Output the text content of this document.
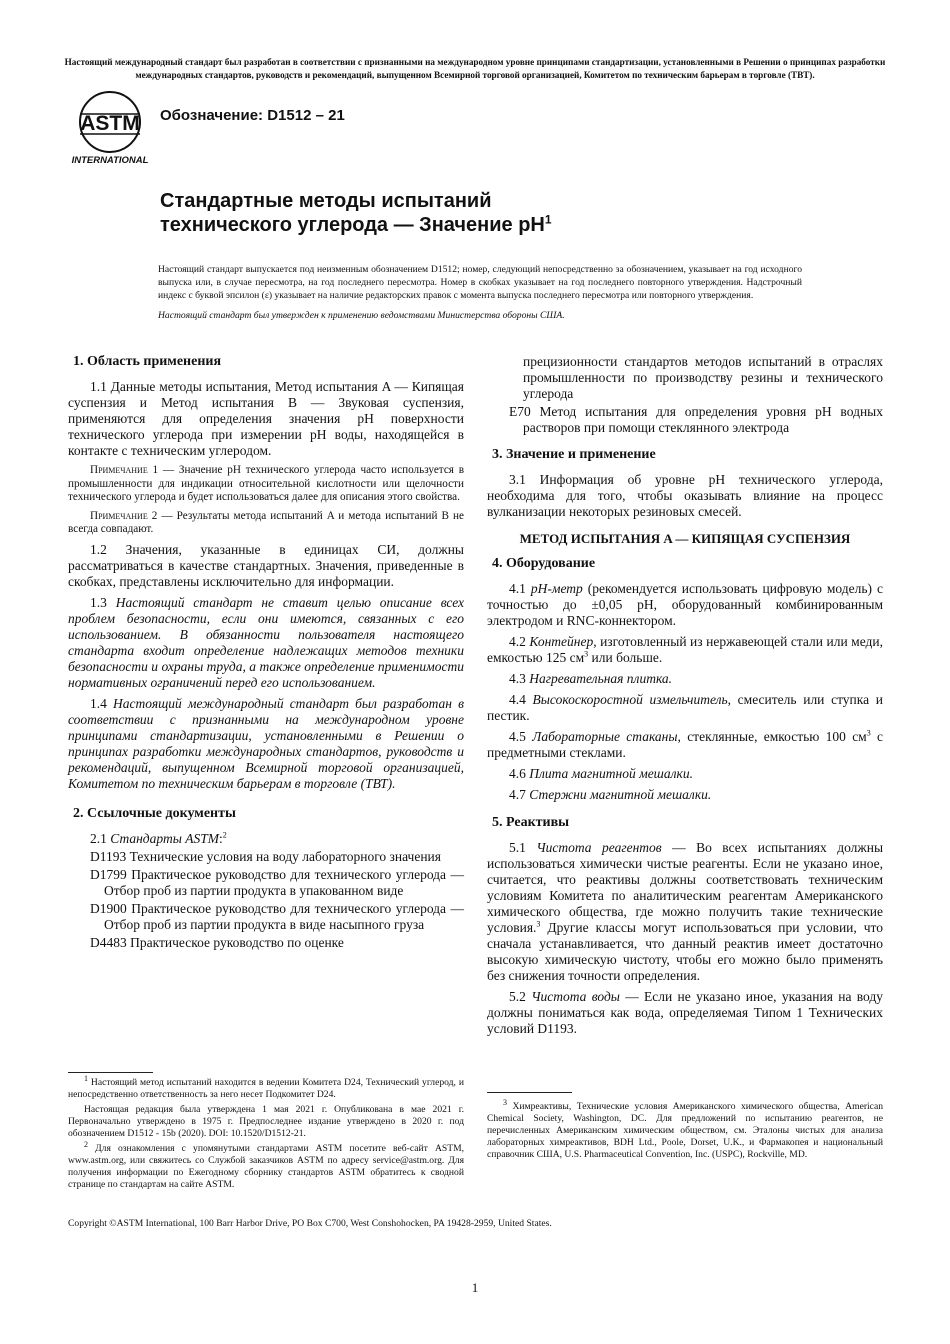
Настоящий международный стандарт был разработан в соответствии с признанными на международном уровне принципами стандартизации, установленными в Решении о принципах разработки международных стандартов, руководств и рекомендаций, выпущенном Всемирной торговой организацией, Комитетом по техническим барьерам в торговле (ТВТ).
ASTM
INTERNATIONAL
Обозначение: D1512 – 21
Стандартные методы испытаний
технического углерода — Значение $pH^1$

Настоящий стандарт выпускается под неизменным обозначением D1512; номер, следующий непосредственно за обозначением, указывает на год исходного выпуска или, в случае пересмотра, на год последнего пересмотра. Номер в скобках указывает на год последнего повторного утверждения. Надстрочный индекс с буквой эпсилон (ε) указывает на наличие редакторских правок с момента выпуска последнего пересмотра или повторного утверждения.

Настоящий стандарт был утвержден к применению ведомствами Министерства обороны США.

1. Область применения

1.1 Данные методы испытания, Метод испытания A — Кипящая суспензия и Метод испытания B — Звуковая суспензия, применяются для определения значения pH поверхности технического углерода при измерении pH воды, находящейся в контакте с техническим углеродом.

Примечание 1 — Значение pH технического углерода часто используется в промышленности для индикации относительной кислотности или щелочности технического углерода и будет использоваться далее для описания этого свойства.

Примечание 2 — Результаты метода испытаний A и метода испытаний B не всегда совпадают.

1.2 Значения, указанные в единицах СИ, должны рассматриваться в качестве стандартных. Значения, приведенные в скобках, представлены исключительно для информации.

1.3 Настоящий стандарт не ставит целью описание всех проблем безопасности, если они имеются, связанных с его использованием. В обязанности пользователя настоящего стандарта входит определение надлежащих методов техники безопасности и охраны труда, а также определение применимости нормативных ограничений перед его использованием.

1.4 Настоящий международный стандарт был разработан в соответствии с признанными на международном уровне принципами стандартизации, установленными в Решении о принципах разработки международных стандартов, руководств и рекомендаций, выпущенном Всемирной торговой организацией, Комитетом по техническим барьерам в торговле (ТВТ).

2. Ссылочные документы
2.1 Стандарты ASTM:$^2$
D1193 Технические условия на воду лабораторного значения
D1799 Практическое руководство для технического углерода — Отбор проб из партии продукта в упакованном виде
D1900 Практическое руководство для технического углерода — Отбор проб из партии продукта в виде насыпного груза
D4483 Практическое руководство по оценке

$^1$ Настоящий метод испытаний находится в ведении Комитета D24, Технический углерод, и непосредственно ответственность за него несет Подкомитет D24.

Настоящая редакция была утверждена 1 мая 2021 г. Опубликована в мае 2021 г. Первоначально утверждено в 1975 г. Предпоследнее издание утверждено в 2020 г. под обозначением D1512 - 15b (2020). DOI: 10.1520/D1512-21.

$^2$ Для ознакомления с упомянутыми стандартами ASTM посетите веб-сайт ASTM, www.astm.org, или свяжитесь со Службой заказчиков ASTM по адресу service@astm.org. Для получения информации по Ежегодному сборнику стандартов ASTM обратитесь к сводной странице по стандартам на сайте ASTM.

прецизионности стандартов методов испытаний в отраслях промышленности по производству резины и технического углерода
E70 Метод испытания для определения уровня pH водных растворов при помощи стеклянного электрода
3. Значение и применение

3.1 Информация об уровне pH технического углерода, необходима для того, чтобы оказывать влияние на процесс вулканизации некоторых резиновых смесей.

МЕТОД ИСПЫТАНИЯ A — КИПЯЩАЯ СУСПЕНЗИЯ
4. Оборудование

4.1 pH-метр (рекомендуется использовать цифровую модель) с точностью до ±0,05 pH, оборудованный комбинированным электродом и RNC-коннектором.

4.2 Контейнер, изготовленный из нержавеющей стали или меди, емкостью 125 $см^3$ или больше.

4.3 Нагревательная плитка.

4.4 Высокоскоростной измельчитель, смеситель или ступка и пестик.

4.5 Лабораторные стаканы, стеклянные, емкостью 100 $см^3$ с предметными стеклами.

4.6 Плита магнитной мешалки.

4.7 Стержни магнитной мешалки.

5. Реактивы

5.1 Чистота реагентов — Во всех испытаниях должны использоваться химически чистые реагенты. Если не указано иное, считается, что реактивы должны соответствовать техническим условиям Комитета по аналитическим реагентам Американского химического общества, где можно получить такие технические условия.$^3$ Другие классы могут использоваться при условии, что сначала устанавливается, что данный реактив имеет достаточно высокую химическую чистоту, чтобы его можно было применять без снижения точности определения.

5.2 Чистота воды — Если не указано иное, указания на воду должны пониматься как вода, определяемая Типом 1 Технических условий D1193.

$^3$ Химреактивы, Технические условия Американского химического общества, American Chemical Society, Washington, DC. Для предложений по испытанию реагентов, не перечисленных Американским химическим обществом, см. Эталоны чистых для анализа лабораторных химреактивов, BDH Ltd., Poole, Dorset, U.K., и Фармакопея и национальный справочник США, U.S. Pharmaceutical Convention, Inc. (USPC), Rockville, MD.

Copyright ©ASTM International, 100 Barr Harbor Drive, PO Box C700, West Conshohocken, PA 19428-2959, United States.
1
